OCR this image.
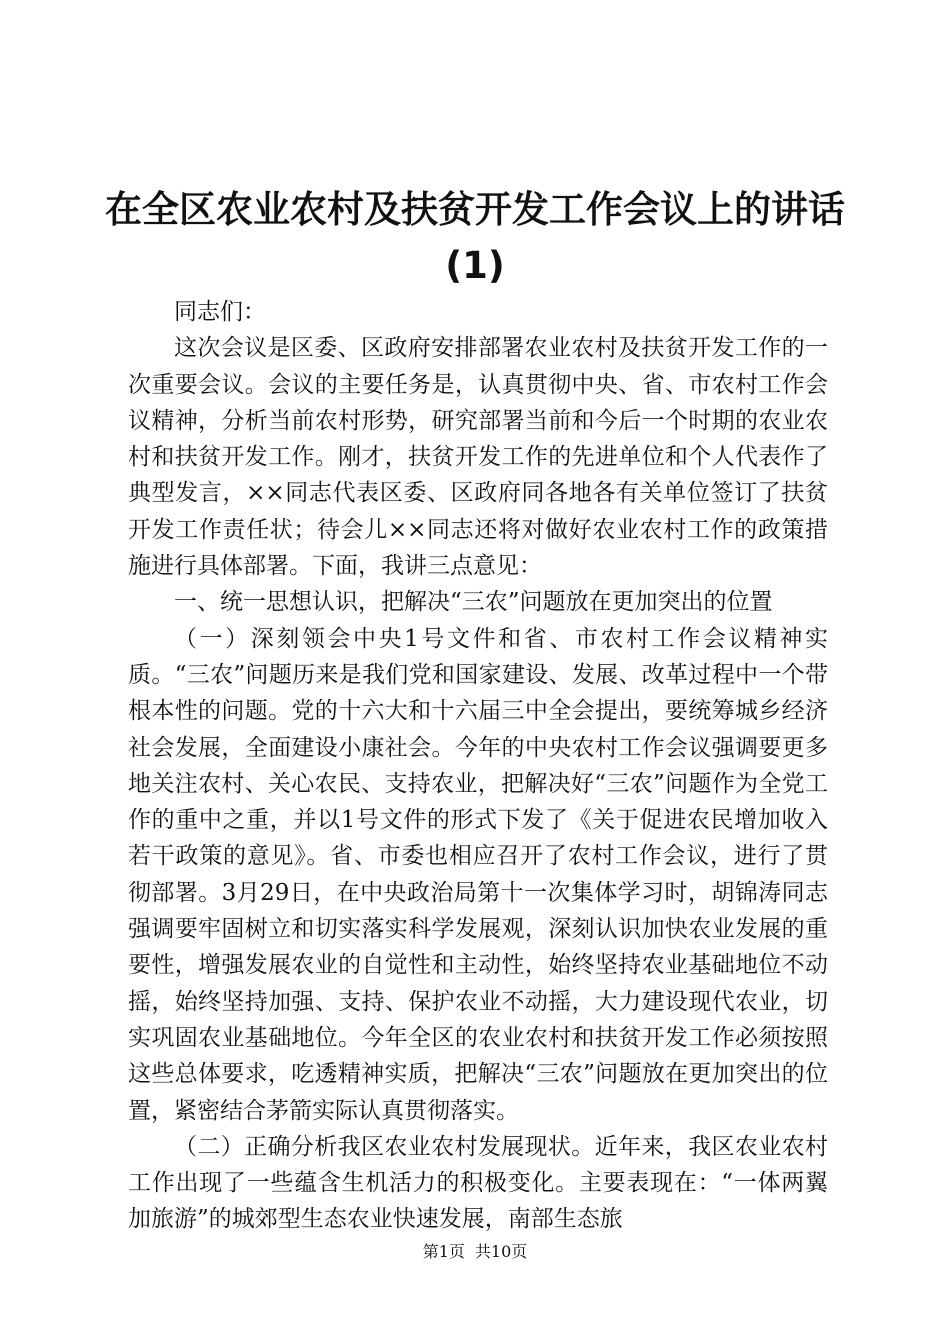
在全区农业农村及扶贫开发工作会议上的讲话
(1)

同志们：

这次会议是区委、区政府安排部署农业农村及扶贫开发工作的一次重要会议。会议的主要任务是，认真贯彻中央、省、市农村工作会议精神，分析当前农村形势，研究部署当前和今后一个时期的农业农村和扶贫开发工作。刚才，扶贫开发工作的先进单位和个人代表作了典型发言，××同志代表区委、区政府同各地各有关单位签订了扶贫开发工作责任状；待会儿××同志还将对做好农业农村工作的政策措施进行具体部署。下面，我讲三点意见：

一、统一思想认识，把解决“三农”问题放在更加突出的位置

（一）深刻领会中央1号文件和省、市农村工作会议精神实质。“三农”问题历来是我们党和国家建设、发展、改革过程中一个带根本性的问题。党的十六大和十六届三中全会提出，要统筹城乡经济社会发展，全面建设小康社会。今年的中央农村工作会议强调要更多地关注农村、关心农民、支持农业，把解决好“三农”问题作为全党工作的重中之重，并以1号文件的形式下发了《关于促进农民增加收入若干政策的意见》。省、市委也相应召开了农村工作会议，进行了贯彻部署。3月29日，在中央政治局第十一次集体学习时，胡锦涛同志强调要牢固树立和切实落实科学发展观，深刻认识加快农业发展的重要性，增强发展农业的自觉性和主动性，始终坚持农业基础地位不动摇，始终坚持加强、支持、保护农业不动摇，大力建设现代农业，切实巩固农业基础地位。今年全区的农业农村和扶贫开发工作必须按照这些总体要求，吃透精神实质，把解决“三农”问题放在更加突出的位置，紧密结合茅箭实际认真贯彻落实。

（二）正确分析我区农业农村发展现状。近年来，我区农业农村工作出现了一些蕴含生机活力的积极变化。主要表现在：“一体两翼加旅游”的城郊型生态农业快速发展，南部生态旅

第1页 共10页
